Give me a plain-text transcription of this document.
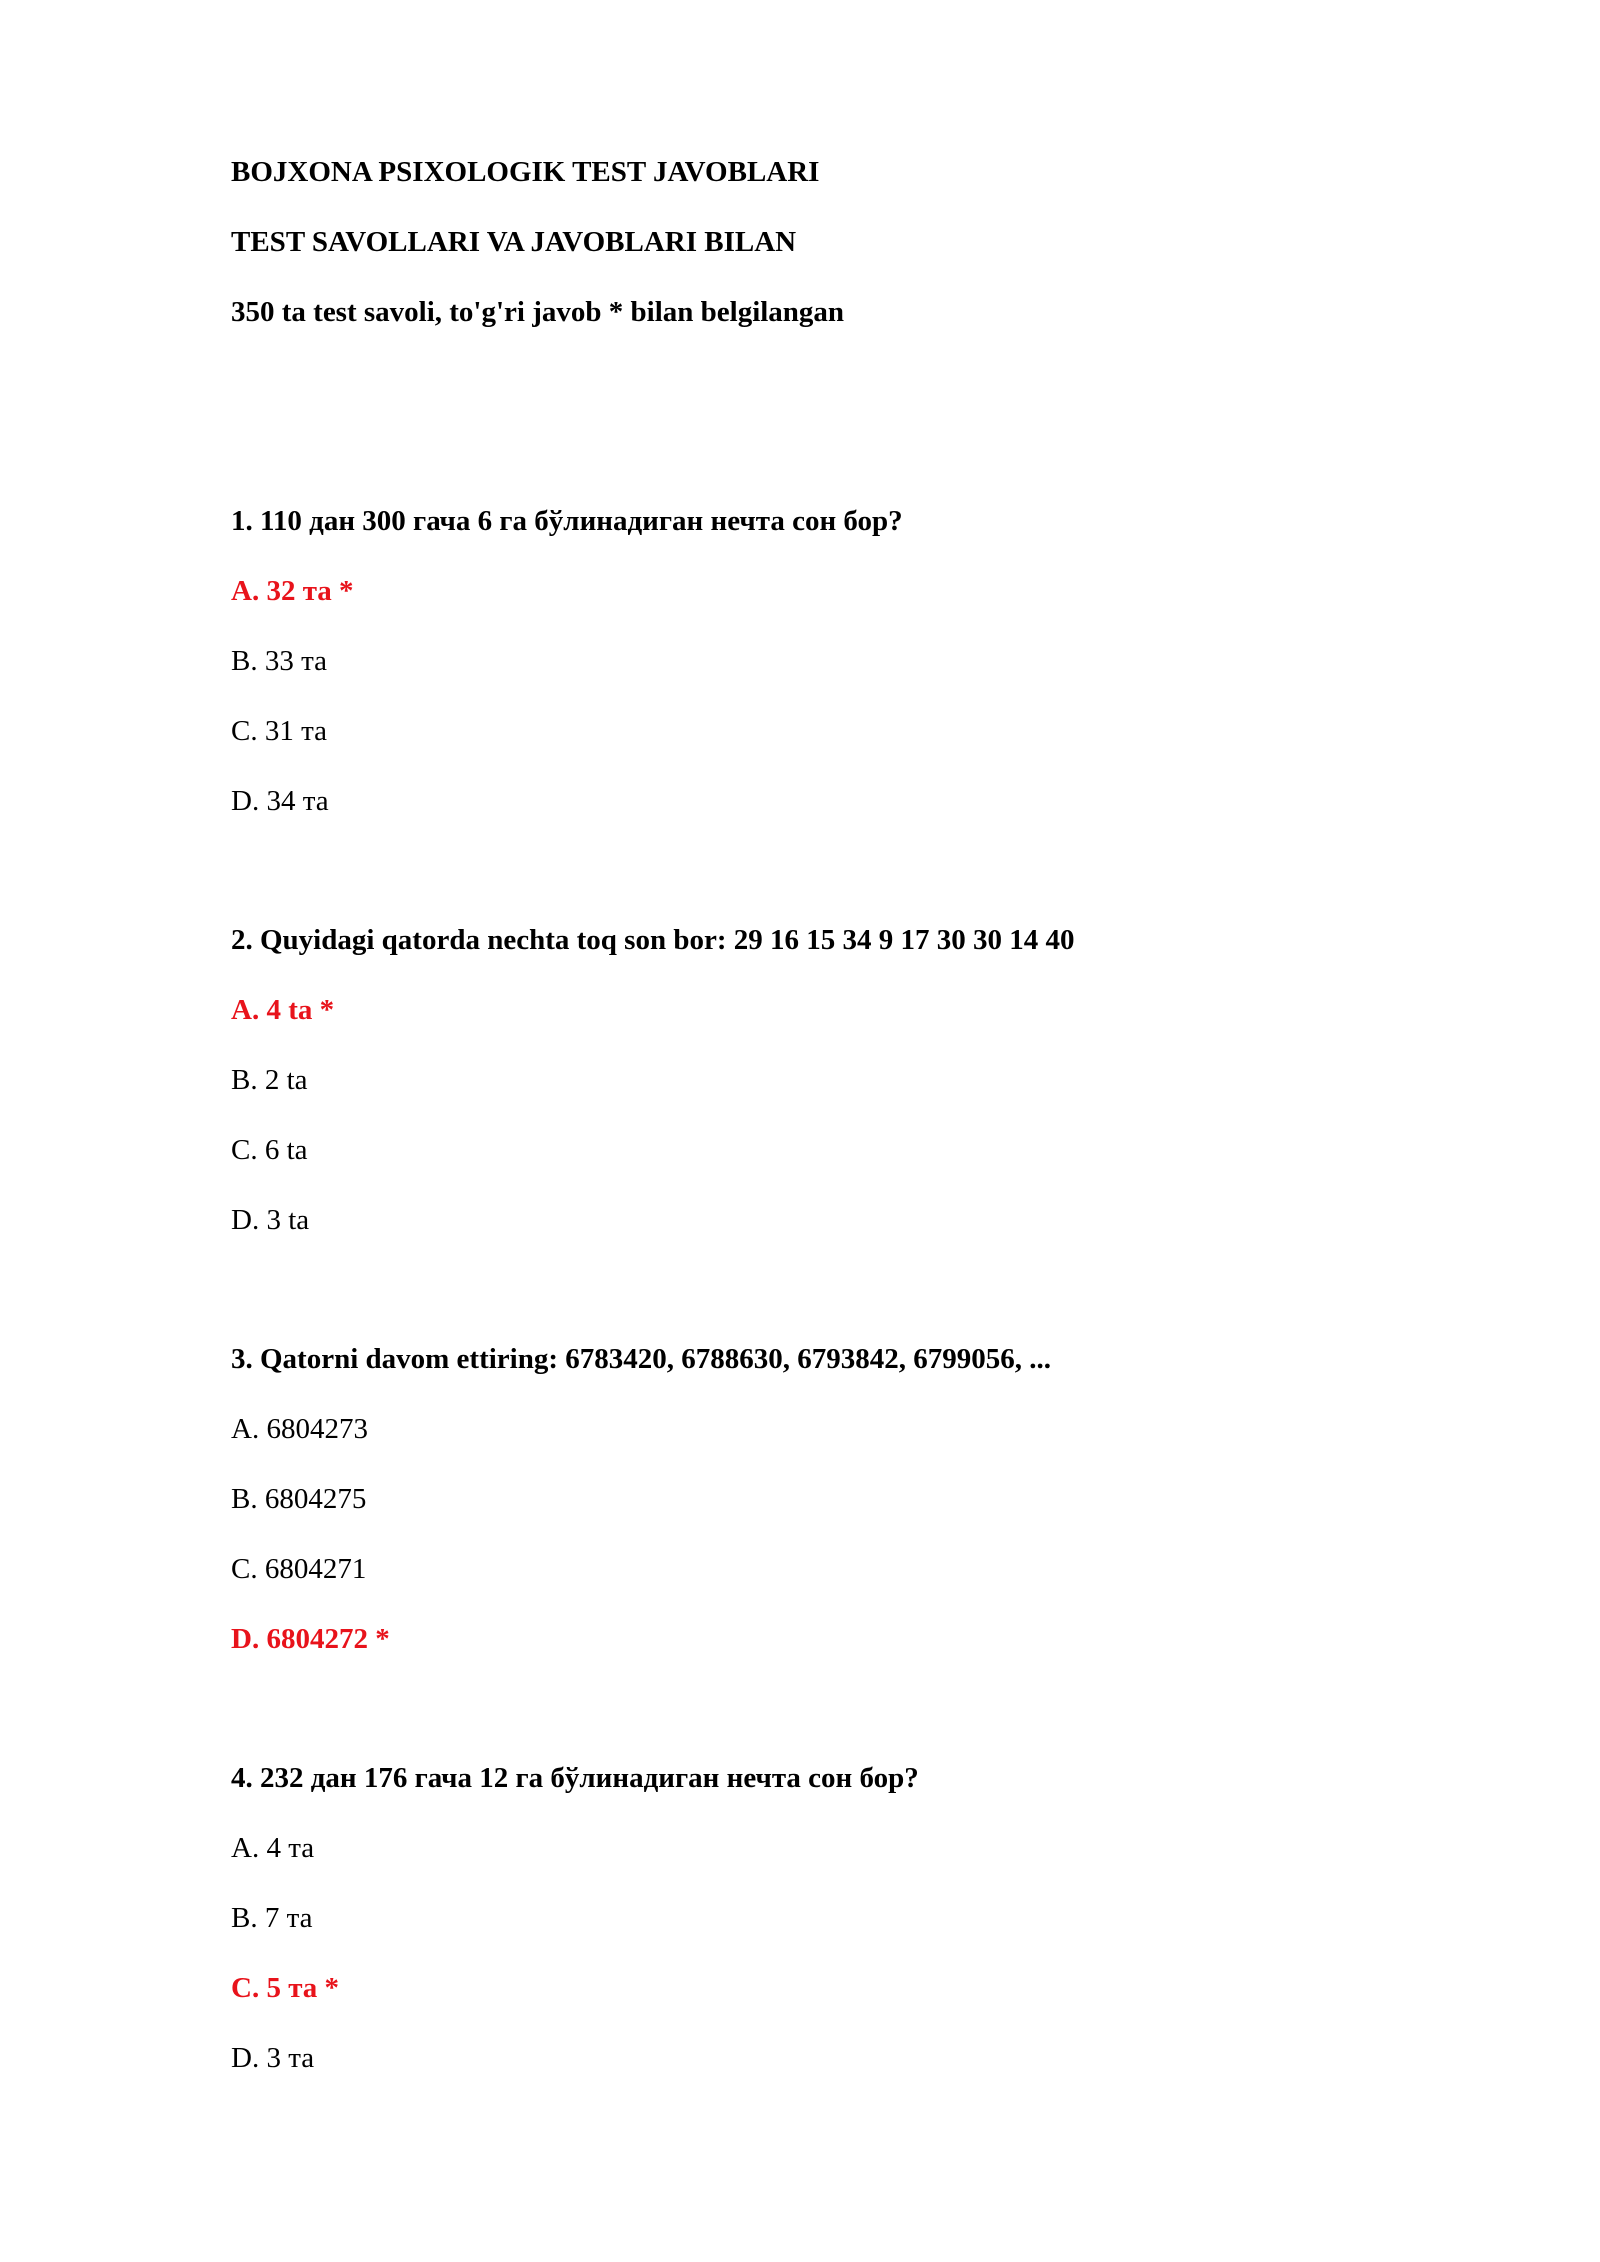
BOJXONA PSIXOLOGIK TEST JAVOBLARI
TEST SAVOLLARI VA JAVOBLARI BILAN
350 ta test savoli, to'g'ri javob * bilan belgilangan
1. 110 дан 300 гача 6 га бўлинадиган нечта сон бор?
A. 32 та *
B. 33 та
C. 31 та
D. 34 та
2. Quyidagi qatorda nechta toq son bor: 29 16 15 34 9 17 30 30 14 40
A. 4 ta *
B. 2 ta
C. 6 ta
D. 3 ta
3. Qatorni davom ettiring: 6783420, 6788630, 6793842, 6799056, ...
A. 6804273
B. 6804275
C. 6804271
D. 6804272 *
4. 232 дан 176 гача 12 га бўлинадиган нечта сон бор?
A. 4 та
B. 7 та
C. 5 та *
D. 3 та
